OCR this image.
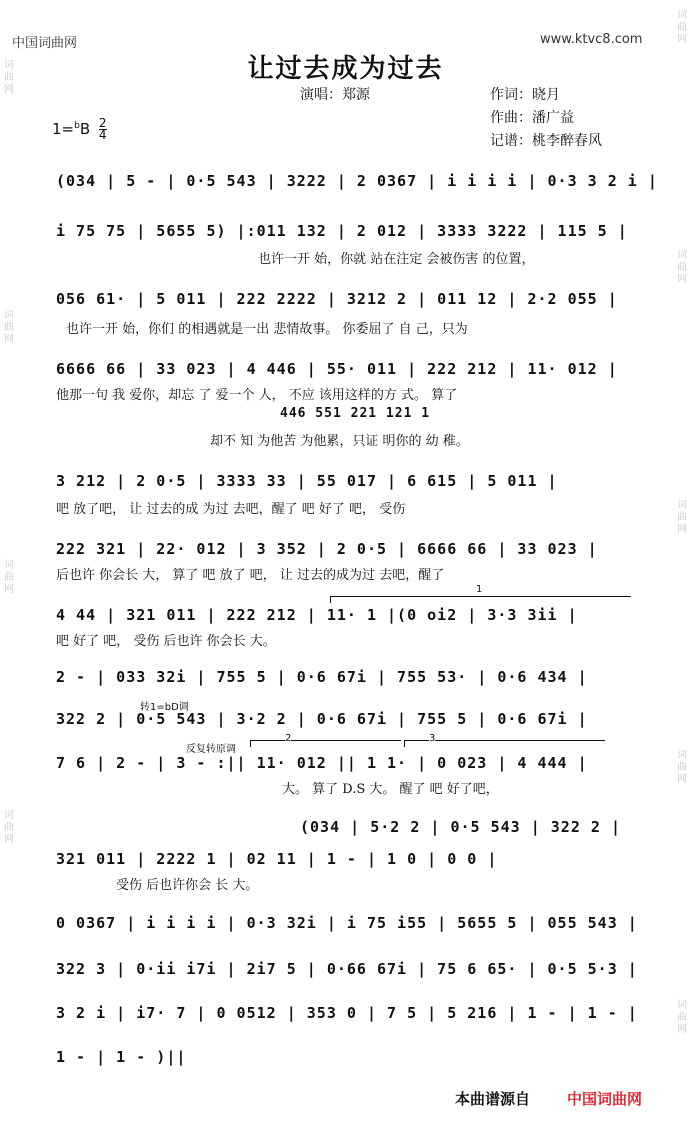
中国词曲网	www.ktvc8.com
让过去成为过去
演唱：郑源	作词：晓月
作曲：潘广益
记谱：桃李醉春风
$1=^bB \frac{2}{4}$
词曲网
词曲网
词曲网
词曲网
词曲网
词曲网
词曲网
词曲网
词曲网
(034 | 5 - | 0·5 543 | 3222 | 2 0367 | i i i i | 0·3 3 2 i |
i 75 75 | 5655 5) |:011 132 | 2 012 | 3333 3222 | 115 5 |
也许一开 始，你就 站在注定 会被伤害 的位置，
056 61· | 5 011 | 222 2222 | 3212 2 | 011 12 | 2·2 055 |
也许一开 始，你们 的相遇就是一出 悲情故事。 你委屈了 自 己，只为
6666 66 | 33 023 | 4 446 | 55· 011 | 222 212 | 11· 012 |
他那一句 我 爱你，却忘 了 爱一个 人， 不应 该用这样的方 式。 算了
446 551 221 121 1
却不 知 为他苦 为他累，只证 明你的 幼 稚。
3 212 | 2 0·5 | 3333 33 | 55 017 | 6 615 | 5 011 |
吧 放了吧， 让 过去的成 为过 去吧，醒了 吧 好了 吧， 受伤
222 321 | 22· 012 | 3 352 | 2 0·5 | 6666 66 | 33 023 |
后也许 你会长 大， 算了 吧 放了 吧， 让 过去的成为过 去吧，醒了
1
4 44 | 321 011 | 222 212 | 11· 1 |(0 oi2 | 3·3 3ii |
吧 好了 吧， 受伤 后也许 你会长 大。
2 - | 033 32i | 755 5 | 0·6 67i | 755 53· | 0·6 434 |
转1=bD调
322 2 | 0·5 543 | 3·2 2 | 0·6 67i | 755 5 | 0·6 67i |
反复转原调
2	3
7 6 | 2 - | 3 - :|| 11· 012 || 1 1· | 0 023 | 4 444 |
大。 算了 D.S 大。 醒了 吧 好了吧，
(034 | 5·2 2 | 0·5 543 | 322 2 |
321 011 | 2222 1 | 02 11 | 1 - | 1 0 | 0 0 |
受伤 后也许你会 长 大。
0 0367 | i i i i | 0·3 32i | i 75 i55 | 5655 5 | 055 543 |
322 3 | 0·ii i7i | 2i7 5 | 0·66 67i | 75 6 65· | 0·5 5·3 |
3 2 i | i7· 7 | 0 0512 | 353 0 | 7 5 | 5 216 | 1 - | 1 - |
1 - | 1 - )||
本曲谱源自 中国词曲网
